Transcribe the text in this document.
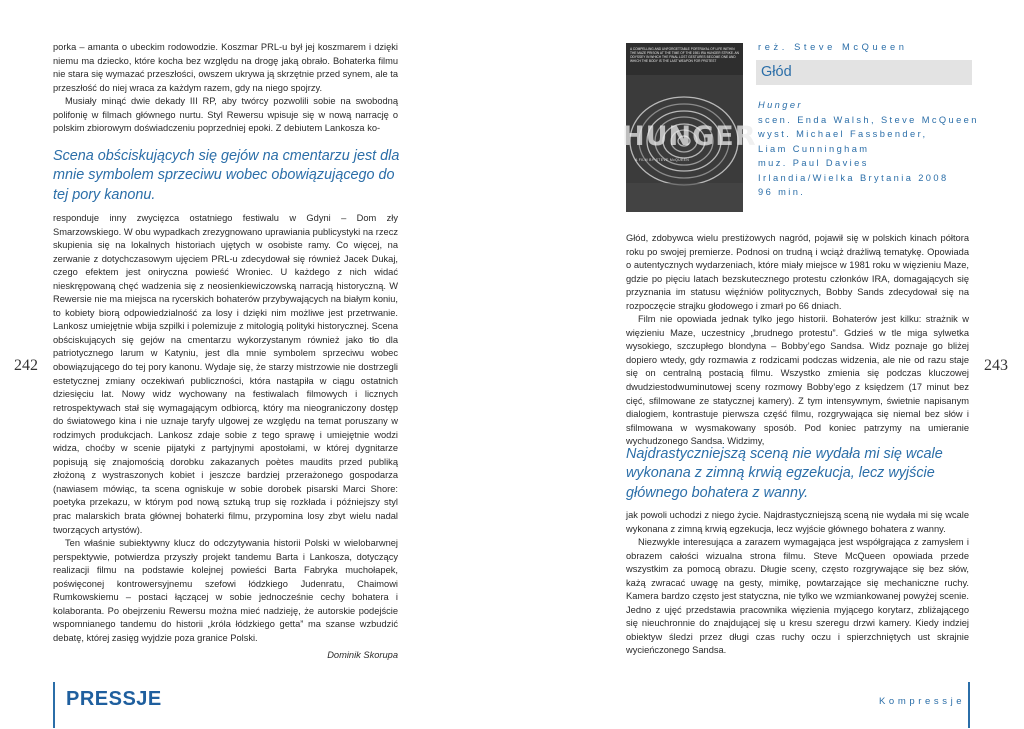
porka – amanta o ubeckim rodowodzie. Koszmar PRL-u był jej koszmarem i dzięki niemu ma dziecko, które kocha bez względu na drogę jaką obrało. Bohaterka filmu nie stara się wymazać przeszłości, owszem ukrywa ją skrzętnie przed synem, ale ta przeszłość do niej wraca za każdym razem, gdy na niego spojrzy.

Musiały minąć dwie dekady III RP, aby twórcy pozwolili sobie na swobodną polifonię w filmach głównego nurtu. Styl Rewersu wpisuje się w nową narrację o polskim zbiorowym doświadczeniu poprzedniej epoki. Z debiutem Lankosza ko-

Scena obściskujących się gejów na cmentarzu jest dla mnie symbolem sprzeciwu wobec obowiązującego do tej pory kanonu.

responduje inny zwycięzca ostatniego festiwalu w Gdyni – Dom zły Smarzowskiego. W obu wypadkach zrezygnowano uprawiania publicystyki na rzecz skupienia się na lokalnych historiach ujętych w osobiste ramy. Co więcej, na zerwanie z dotychczasowym ujęciem PRL-u zdecydował się również Jacek Dukaj, czego efektem jest oniryczna powieść Wroniec. U każdego z nich widać nieskrępowaną chęć wadzenia się z neosienkiewiczowską narracją historyczną. W Rewersie nie ma miejsca na rycerskich bohaterów przybywających na białym koniu, to kobiety biorą odpowiedzialność za losy i dzięki nim możliwe jest przetrwanie. Lankosz umiejętnie wbija szpilki i polemizuje z mitologią polityki historycznej. Scena obściskujących się gejów na cmentarzu wykorzystanym również jako tło dla patriotycznego larum w Katyniu, jest dla mnie symbolem sprzeciwu wobec obowiązującego do tej pory kanonu. Wydaje się, że starzy mistrzowie nie dostrzegli estetycznej zmiany oczekiwań publiczności, która nastąpiła w ciągu ostatnich dziesięciu lat. Nowy widz wychowany na festiwalach filmowych i licznych retrospektywach stał się wymagającym odbiorcą, który ma nieograniczony dostęp do światowego kina i nie uznaje taryfy ulgowej ze względu na temat poruszany w rodzimych produkcjach. Lankosz zdaje sobie z tego sprawę i umiejętnie wodzi widza, choćby w scenie pijatyki z partyjnymi apostołami, w której dygnitarze popisują się znajomością dorobku zakazanych poètes maudits przed publiką złożoną z wystraszonych kobiet i jeszcze bardziej przerażonego gospodarza (nawiasem mówiąc, ta scena ogniskuje w sobie dorobek pisarski Marci Shore: poetyka przekazu, w którym pod nową sztuką trup się rozkłada i późniejszy styl prac malarskich brata głównej bohaterki filmu, przypomina losy zbyt wielu nadal tworzących artystów).

Ten właśnie subiektywny klucz do odczytywania historii Polski w wielobarwnej perspektywie, potwierdza przyszły projekt tandemu Barta i Lankosza, dotyczący realizacji filmu na podstawie kolejnej powieści Barta Fabryka muchołapek, poświęconej kontrowersyjnemu szefowi łódzkiego Judenratu, Chaimowi Rumkowskiemu – postaci łączącej w sobie jednocześnie cechy bohatera i kolaboranta. Po obejrzeniu Rewersu można mieć nadzieję, że autorskie podejście wspomnianego tandemu do historii „króla łódzkiego getta” ma szanse wzbudzić debatę, której zasięg wyjdzie poza granice Polski.

Dominik Skorupa

242
PRESSJE
A COMPELLING AND UNFORGETTABLE PORTRAYAL OF LIFE WITHIN THE MAZE PRISON AT THE TIME OF THE 1981 IRA HUNGER STRIKE. AN ODYSSEY IN WHICH THE FINAL LOST GESTURES BECOME ONE AND WHICH THE BODY IS THE LAST WEAPON FOR PROTEST
HUNGER
A FILM BY STEVE McQUEEN
reż. Steve McQueen
Głód
Hunger
scen. Enda Walsh, Steve McQueen
wyst. Michael Fassbender,
Liam Cunningham
muz. Paul Davies
Irlandia/Wielka Brytania 2008
96 min.

Głód, zdobywca wielu prestiżowych nagród, pojawił się w polskich kinach półtora roku po swojej premierze. Podnosi on trudną i wciąż drażliwą tematykę. Opowiada o autentycznych wydarzeniach, które miały miejsce w 1981 roku w więzieniu Maze, gdzie po pięciu latach bezskutecznego protestu członków IRA, domagających się przyznania im statusu więźniów politycznych, Bobby Sands zdecydował się na rozpoczęcie strajku głodowego i zmarł po 66 dniach.

Film nie opowiada jednak tylko jego historii. Bohaterów jest kilku: strażnik w więzieniu Maze, uczestnicy „brudnego protestu”. Gdzieś w tle miga sylwetka wysokiego, szczupłego blondyna – Bobby’ego Sandsa. Widz poznaje go bliżej dopiero wtedy, gdy rozmawia z rodzicami podczas widzenia, ale nie od razu staje się on centralną postacią filmu. Wszystko zmienia się podczas kluczowej dwudziestodwuminutowej sceny rozmowy Bobby’ego z księdzem (17 minut bez cięć, sfilmowane ze statycznej kamery). Z tym intensywnym, świetnie napisanym dialogiem, kontrastuje pierwsza część filmu, rozgrywająca się niemal bez słów i sfilmowana w wysmakowany sposób. Pod koniec patrzymy na umieranie wychudzonego Sandsa. Widzimy,

Najdrastyczniejszą sceną nie wydała mi się wcale wykonana z zimną krwią egzekucja, lecz wyjście głównego bohatera z wanny.

jak powoli uchodzi z niego życie. Najdrastyczniejszą sceną nie wydała mi się wcale wykonana z zimną krwią egzekucja, lecz wyjście głównego bohatera z wanny.

Niezwykle interesująca a zarazem wymagająca jest współgrająca z zamysłem i obrazem całości wizualna strona filmu. Steve McQueen opowiada przede wszystkim za pomocą obrazu. Długie sceny, często rozgrywające się bez słów, każą zwracać uwagę na gesty, mimikę, powtarzające się mechaniczne ruchy. Kamera bardzo często jest statyczna, nie tylko we wzmiankowanej powyżej scenie. Jedno z ujęć przedstawia pracownika więzienia myjącego korytarz, zbliżającego się nieuchronnie do znajdującej się u kresu szeregu drzwi kamery. Kiedy indziej obiektyw śledzi przez długi czas ruchy oczu i spierzchniętych ust skrajnie wycieńczonego Sandsa.

243
Kompressje
